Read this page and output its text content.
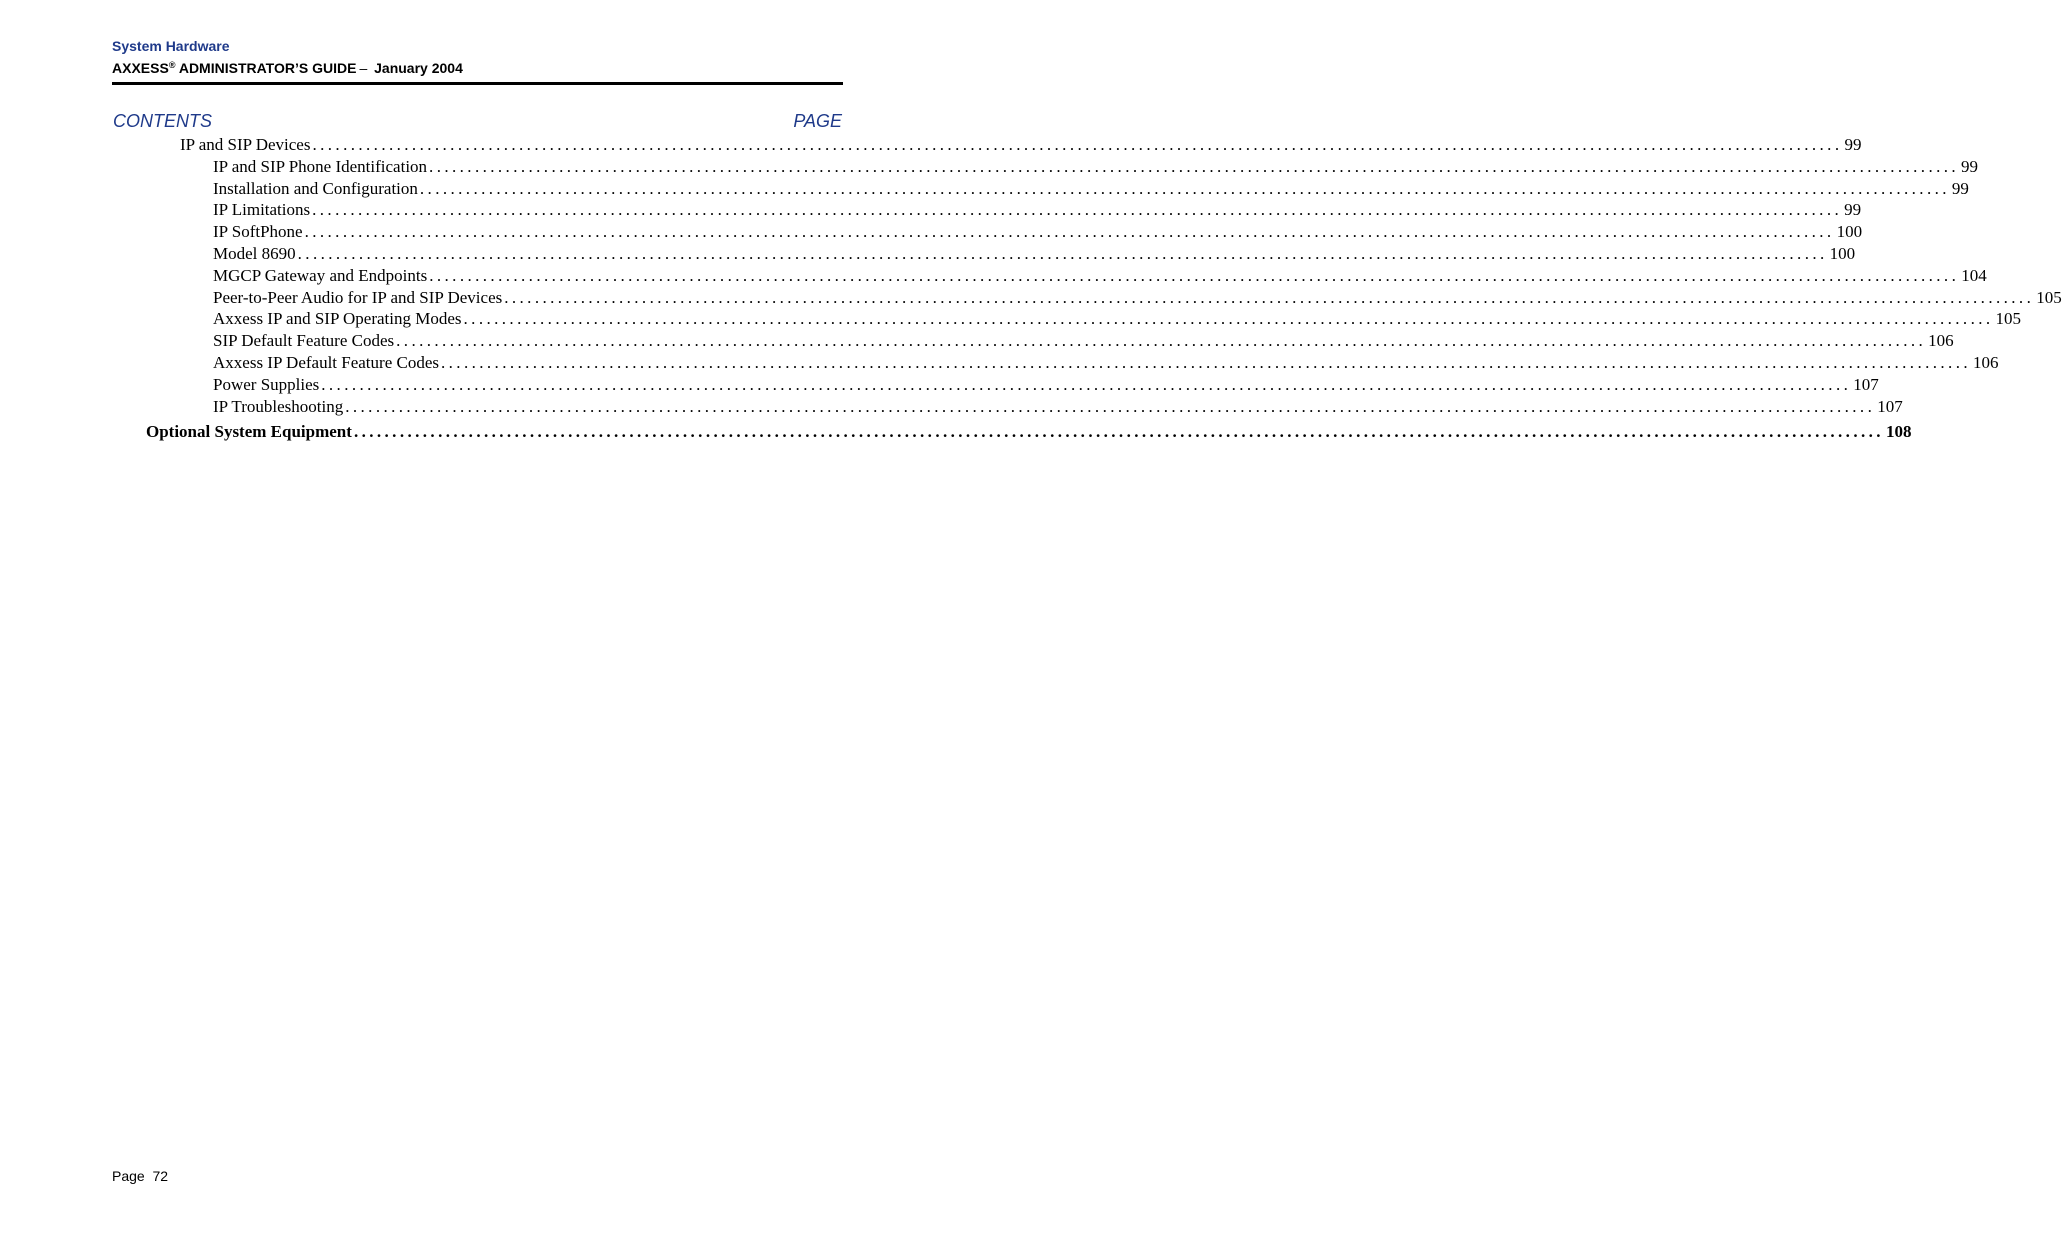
System Hardware
AXXESS® ADMINISTRATOR’S GUIDE – January 2004
CONTENTS	PAGE
IP and SIP Devices ........................................................................................................................................................................................................ 99
IP and SIP Phone Identification ........................................................................................................................................................................................................ 99
Installation and Configuration ........................................................................................................................................................................................................ 99
IP Limitations ........................................................................................................................................................................................................ 99
IP SoftPhone ........................................................................................................................................................................................................ 100
Model 8690 ........................................................................................................................................................................................................ 100
MGCP Gateway and Endpoints ........................................................................................................................................................................................................ 104
Peer-to-Peer Audio for IP and SIP Devices ........................................................................................................................................................................................................ 105
Axxess IP and SIP Operating Modes ........................................................................................................................................................................................................ 105
SIP Default Feature Codes ........................................................................................................................................................................................................ 106
Axxess IP Default Feature Codes ........................................................................................................................................................................................................ 106
Power Supplies ........................................................................................................................................................................................................ 107
IP Troubleshooting ........................................................................................................................................................................................................ 107
Optional System Equipment ........................................................................................................................................................................................................ 108
Page  72
